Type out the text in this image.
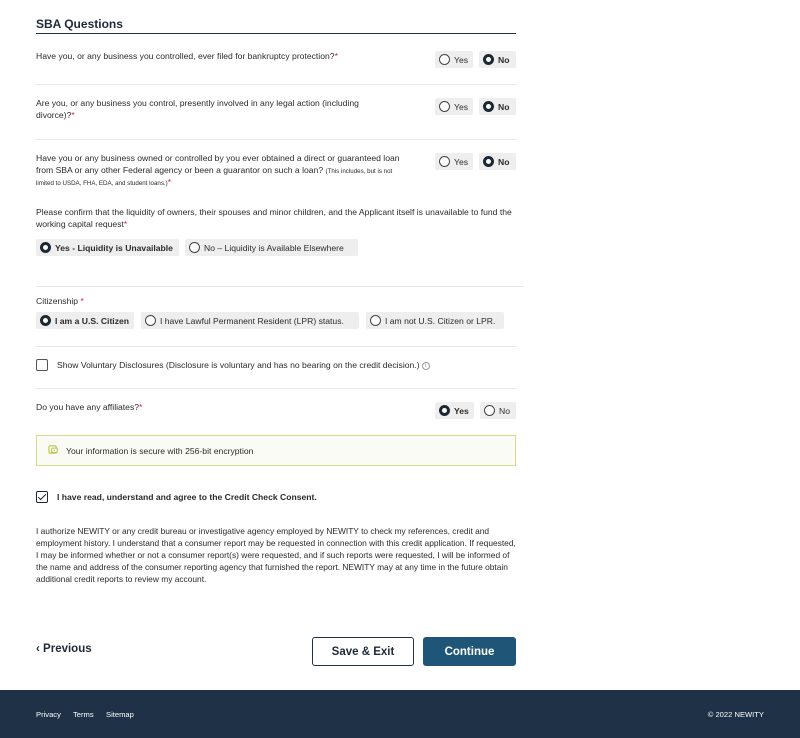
SBA Questions
Have you, or any business you controlled, ever filed for bankruptcy protection?*	Yes	No
Are you, or any business you control, presently involved in any legal action (including divorce)?*
Yes	No
Have you or any business owned or controlled by you ever obtained a direct or guaranteed loan from SBA or any other Federal agency or been a guarantor on such a loan? (This includes, but is not limited to USDA, FHA, EDA, and student loans.)*
Yes	No
Please confirm that the liquidity of owners, their spouses and minor children, and the Applicant itself is unavailable to fund the working capital request*
Yes - Liquidity is Unavailable	No – Liquidity is Available Elsewhere
Citizenship *
I am a U.S. Citizen	I have Lawful Permanent Resident (LPR) status.	I am not U.S. Citizen or LPR.
Show Voluntary Disclosures (Disclosure is voluntary and has no bearing on the credit decision.) i
Do you have any affiliates?*	Yes	No
Your information is secure with 256-bit encryption
I have read, understand and agree to the Credit Check Consent.
I authorize NEWITY or any credit bureau or investigative agency employed by NEWITY to check my references, credit and employment history. I understand that a consumer report may be requested in connection with this credit application. If requested, I may be informed whether or not a consumer report(s) were requested, and if such reports were requested, I will be informed of the name and address of the consumer reporting agency that furnished the report. NEWITY may at any time in the future obtain additional credit reports to review my account.
‹ Previous	Save & Exit	Continue
Privacy Terms Sitemap	© 2022 NEWITY
